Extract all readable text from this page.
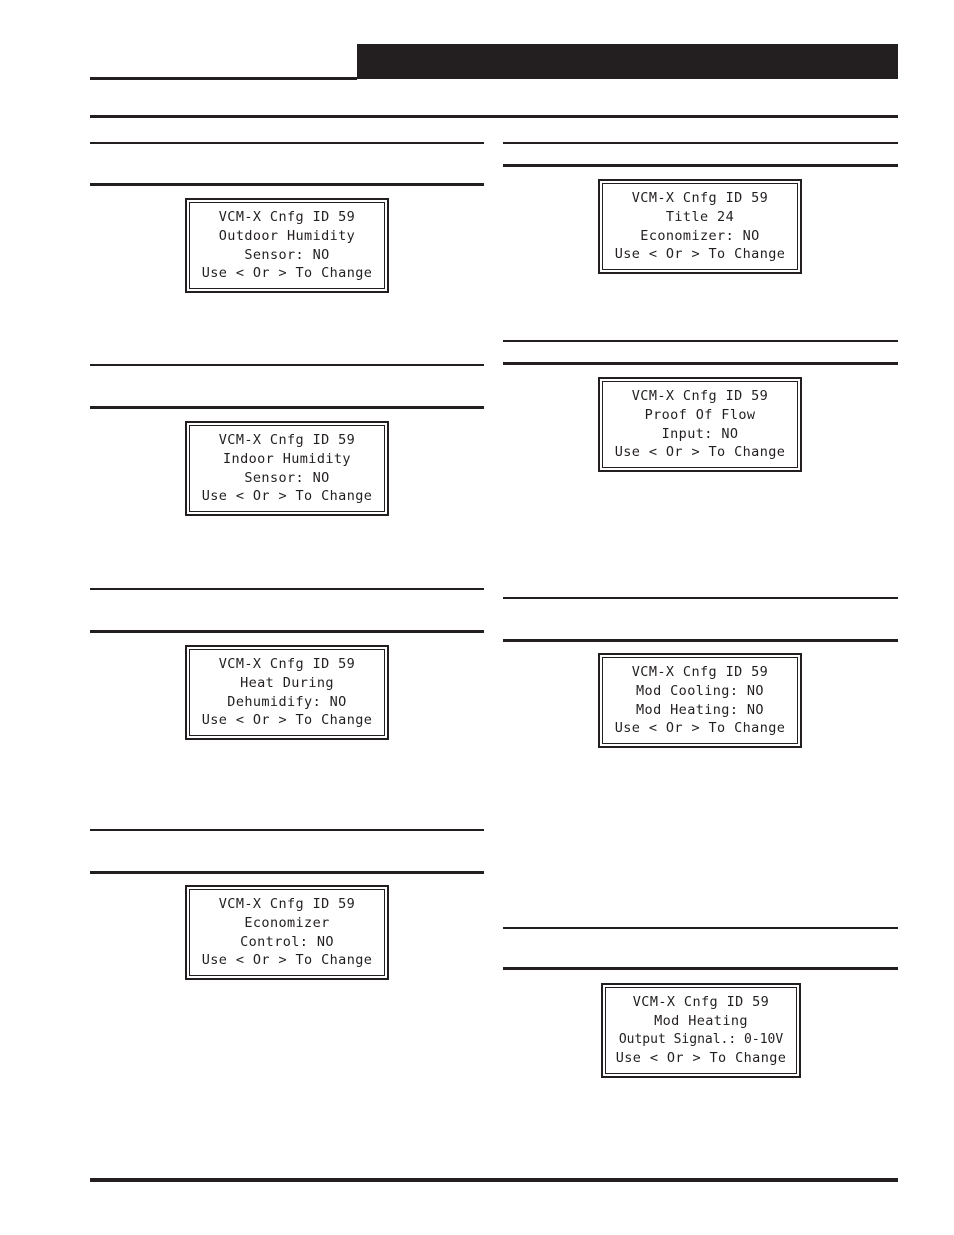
VCM-X Cnfg ID 59
Outdoor Humidity
Sensor: NO
Use < Or > To Change
VCM-X Cnfg ID 59
Indoor Humidity
Sensor: NO
Use < Or > To Change
VCM-X Cnfg ID 59
Heat During
Dehumidify: NO
Use < Or > To Change
VCM-X Cnfg ID 59
Economizer
Control: NO
Use < Or > To Change
VCM-X Cnfg ID 59
Title 24
Economizer: NO
Use < Or > To Change
VCM-X Cnfg ID 59
Proof Of Flow
Input: NO
Use < Or > To Change
VCM-X Cnfg ID 59
Mod Cooling: NO
Mod Heating: NO
Use < Or > To Change
VCM-X Cnfg ID 59
Mod Heating
Output Signal.: 0-10V
Use < Or > To Change
